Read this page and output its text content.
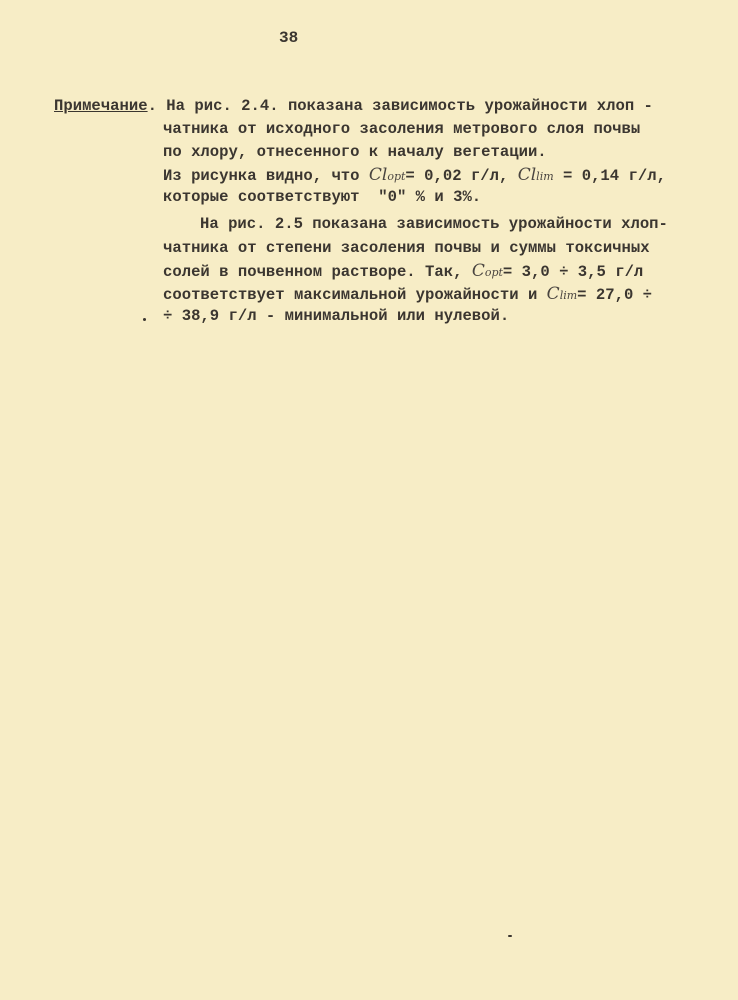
38
Примечание. На рис. 2.4. показана зависимость урожайности хлоп -
чатника от исходного засоления метрового слоя почвы
по хлору, отнесенного к началу вегетации.
Из рисунка видно, что Clopt= 0,02 г/л, Cllim = 0,14 г/л,
которые соответствуют  "0" % и 3%.
На рис. 2.5 показана зависимость урожайности хлоп-
чатника от степени засоления почвы и суммы токсичных
солей в почвенном растворе. Так, Copt= 3,0 ÷ 3,5 г/л
соответствует максимальной урожайности и Clim= 27,0 ÷
÷ 38,9 г/л - минимальной или нулевой.
